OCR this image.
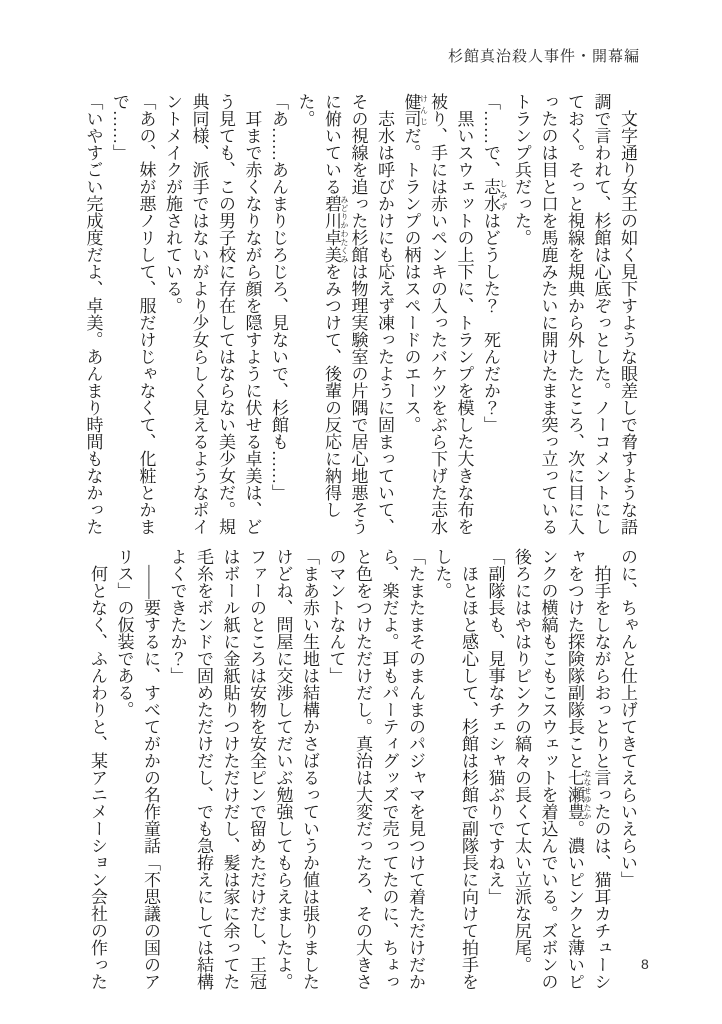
杉館真治殺人事件・開幕編

文字通り女王の如く見下すような眼差しで脅すような語調で言われて、杉館は心底ぞっとした。ノーコメントにしておく。そっと視線を規典から外したところ、次に目に入ったのは目と口を馬鹿みたいに開けたまま突っ立っているトランプ兵だった。

「……で、志水 しみずはどうした？　死んだか？」

黒いスウェットの上下に、トランプを模した大きな布を被り、手には赤いペンキの入ったバケツをぶら下げた志水健司 けんじだ。トランプの柄はスペードのエース。

志水は呼びかけにも応えず凍ったように固まっていて、その視線を追った杉館は物理実験室の片隅で居心地悪そうに俯いている碧川卓美 みどりかわたくみをみつけて、後輩の反応に納得した。

「あ……あんまりじろじろ、見ないで、杉館も……」

耳まで赤くなりながら顔を隠すように伏せる卓美は、どう見ても、この男子校に存在してはならない美少女だ。規典同様、派手ではないがより少女らしく見えるようなポイントメイクが施されている。

「あの、妹が悪ノリして、服だけじゃなくて、化粧とかまで……」

「いやすごい完成度だよ、卓美。あんまり時間もなかった

のに、ちゃんと仕上げてきてえらいえらい」

拍手をしながらおっとりと言ったのは、猫耳カチューシャをつけた探険隊副隊長こと七瀬豊 ななせゆたか。濃いピンクと薄いピンクの横縞もこもこスウェットを着込んでいる。ズボンの後ろにはやはりピンクの縞々の長くて太い立派な尻尾。

「副隊長も、見事なチェシャ猫ぶりですねえ」

ほとほと感心して、杉館は杉館で副隊長に向けて拍手をした。

「たまたまそのまんまのパジャマを見つけて着ただけだから、楽だよ。耳もパーティグッズで売ってたのに、ちょっと色をつけただけだし。真治は大変だったろ、その大きさのマントなんて」

「まあ赤い生地は結構かさばるっていうか値は張りましたけどね、問屋に交渉してだいぶ勉強してもらえましたよ。ファーのところは安物を安全ピンで留めただけだし、王冠はボール紙に金紙貼りつけただけだし、髪は家に余ってた毛糸をボンドで固めただけだし、でも急拵えにしては結構よくできたか？」

――要するに、すべてがかの名作童話「不思議の国のアリス」の仮装である。

何となく、ふんわりと、某アニメーション会社の作った	8
